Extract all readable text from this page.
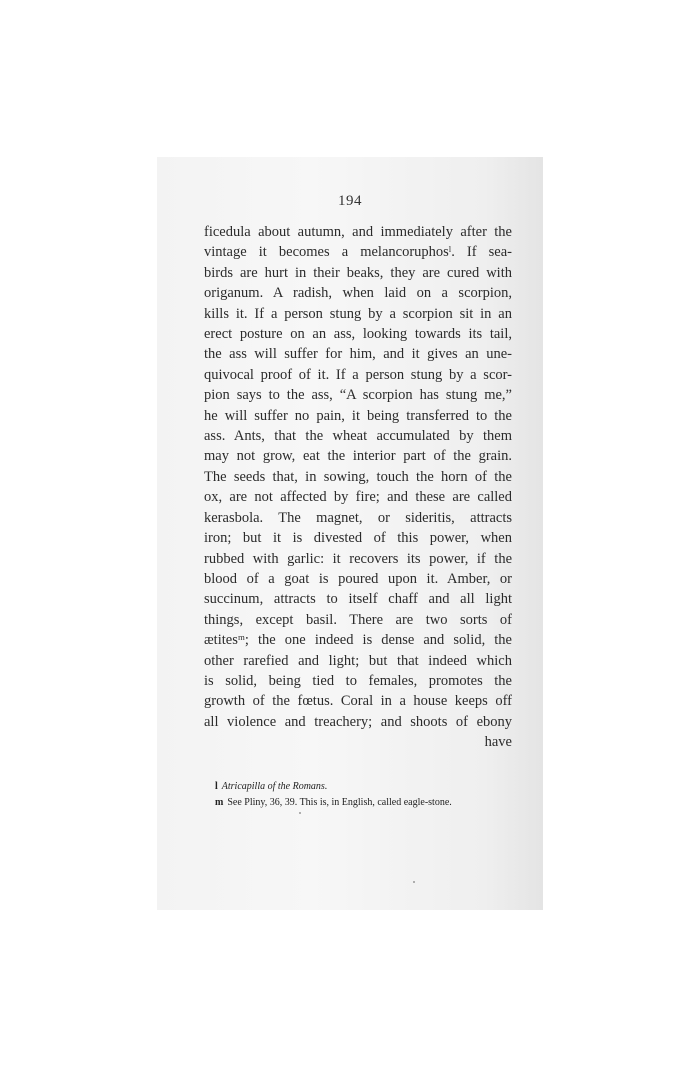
194
ficedula about autumn, and immediately after the
vintage it becomes a melancoruphosˡ. If sea-
birds are hurt in their beaks, they are cured with
origanum. A radish, when laid on a scorpion,
kills it. If a person stung by a scorpion sit in an
erect posture on an ass, looking towards its tail,
the ass will suffer for him, and it gives an une-
quivocal proof of it. If a person stung by a scor-
pion says to the ass, “A scorpion has stung me,”
he will suffer no pain, it being transferred to the
ass. Ants, that the wheat accumulated by them
may not grow, eat the interior part of the grain.
The seeds that, in sowing, touch the horn of the
ox, are not affected by fire; and these are called
kerasbola. The magnet, or sideritis, attracts
iron; but it is divested of this power, when
rubbed with garlic: it recovers its power, if the
blood of a goat is poured upon it. Amber, or
succinum, attracts to itself chaff and all light
things, except basil. There are two sorts of
ætitesᵐ; the one indeed is dense and solid, the
other rarefied and light; but that indeed which
is solid, being tied to females, promotes the
growth of the fœtus. Coral in a house keeps off
all violence and treachery; and shoots of ebony
have
l Atricapilla of the Romans.
m See Pliny, 36, 39. This is, in English, called eagle-stone.
